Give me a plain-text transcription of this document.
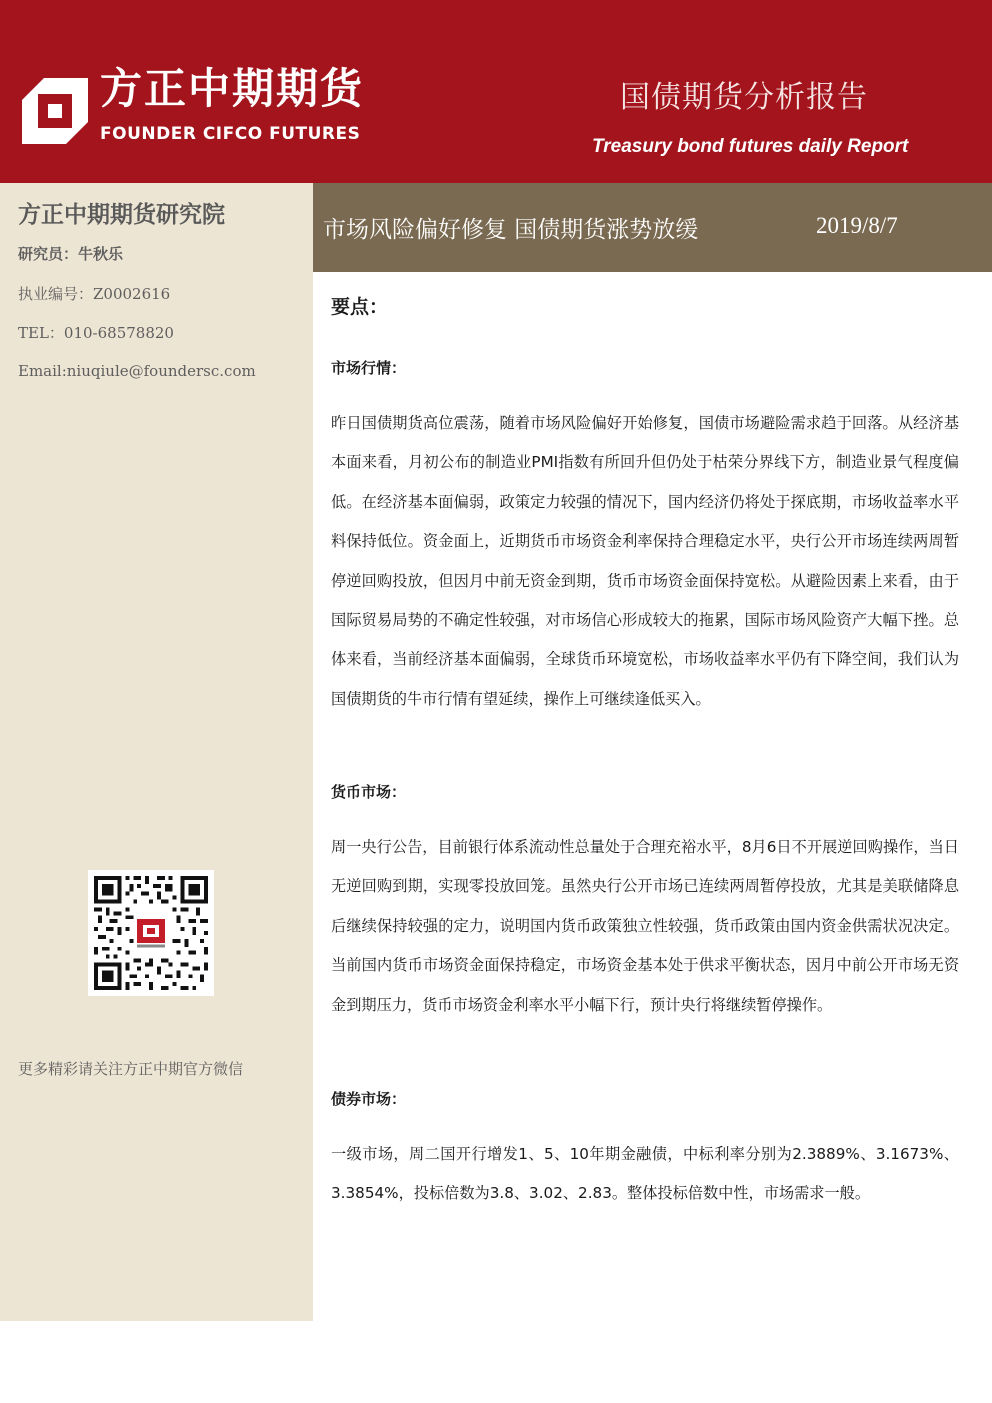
方正中期期货
FOUNDER CIFCO FUTURES
国债期货分析报告
Treasury bond futures daily Report
方正中期期货研究院
研究员：牛秋乐
执业编号：Z0002616
TEL：010-68578820
Email:niuqiule@foundersc.com
更多精彩请关注方正中期官方微信
市场风险偏好修复 国债期货涨势放缓	2019/8/7
要点：
市场行情：
昨日国债期货高位震荡，随着市场风险偏好开始修复，国债市场避险需求趋于回落。从经济基本面来看，月初公布的制造业PMI指数有所回升但仍处于枯荣分界线下方，制造业景气程度偏低。在经济基本面偏弱，政策定力较强的情况下，国内经济仍将处于探底期，市场收益率水平料保持低位。资金面上，近期货币市场资金利率保持合理稳定水平，央行公开市场连续两周暂停逆回购投放，但因月中前无资金到期，货币市场资金面保持宽松。从避险因素上来看，由于国际贸易局势的不确定性较强，对市场信心形成较大的拖累，国际市场风险资产大幅下挫。总体来看，当前经济基本面偏弱，全球货币环境宽松，市场收益率水平仍有下降空间，我们认为国债期货的牛市行情有望延续，操作上可继续逢低买入。
货币市场：
周一央行公告，目前银行体系流动性总量处于合理充裕水平，8月6日不开展逆回购操作，当日无逆回购到期，实现零投放回笼。虽然央行公开市场已连续两周暂停投放，尤其是美联储降息后继续保持较强的定力，说明国内货币政策独立性较强，货币政策由国内资金供需状况决定。当前国内货币市场资金面保持稳定，市场资金基本处于供求平衡状态，因月中前公开市场无资金到期压力，货币市场资金利率水平小幅下行，预计央行将继续暂停操作。
债券市场：
一级市场，周二国开行增发1、5、10年期金融债，中标利率分别为2.3889%、3.1673%、3.3854%，投标倍数为3.8、3.02、2.83。整体投标倍数中性，市场需求一般。
